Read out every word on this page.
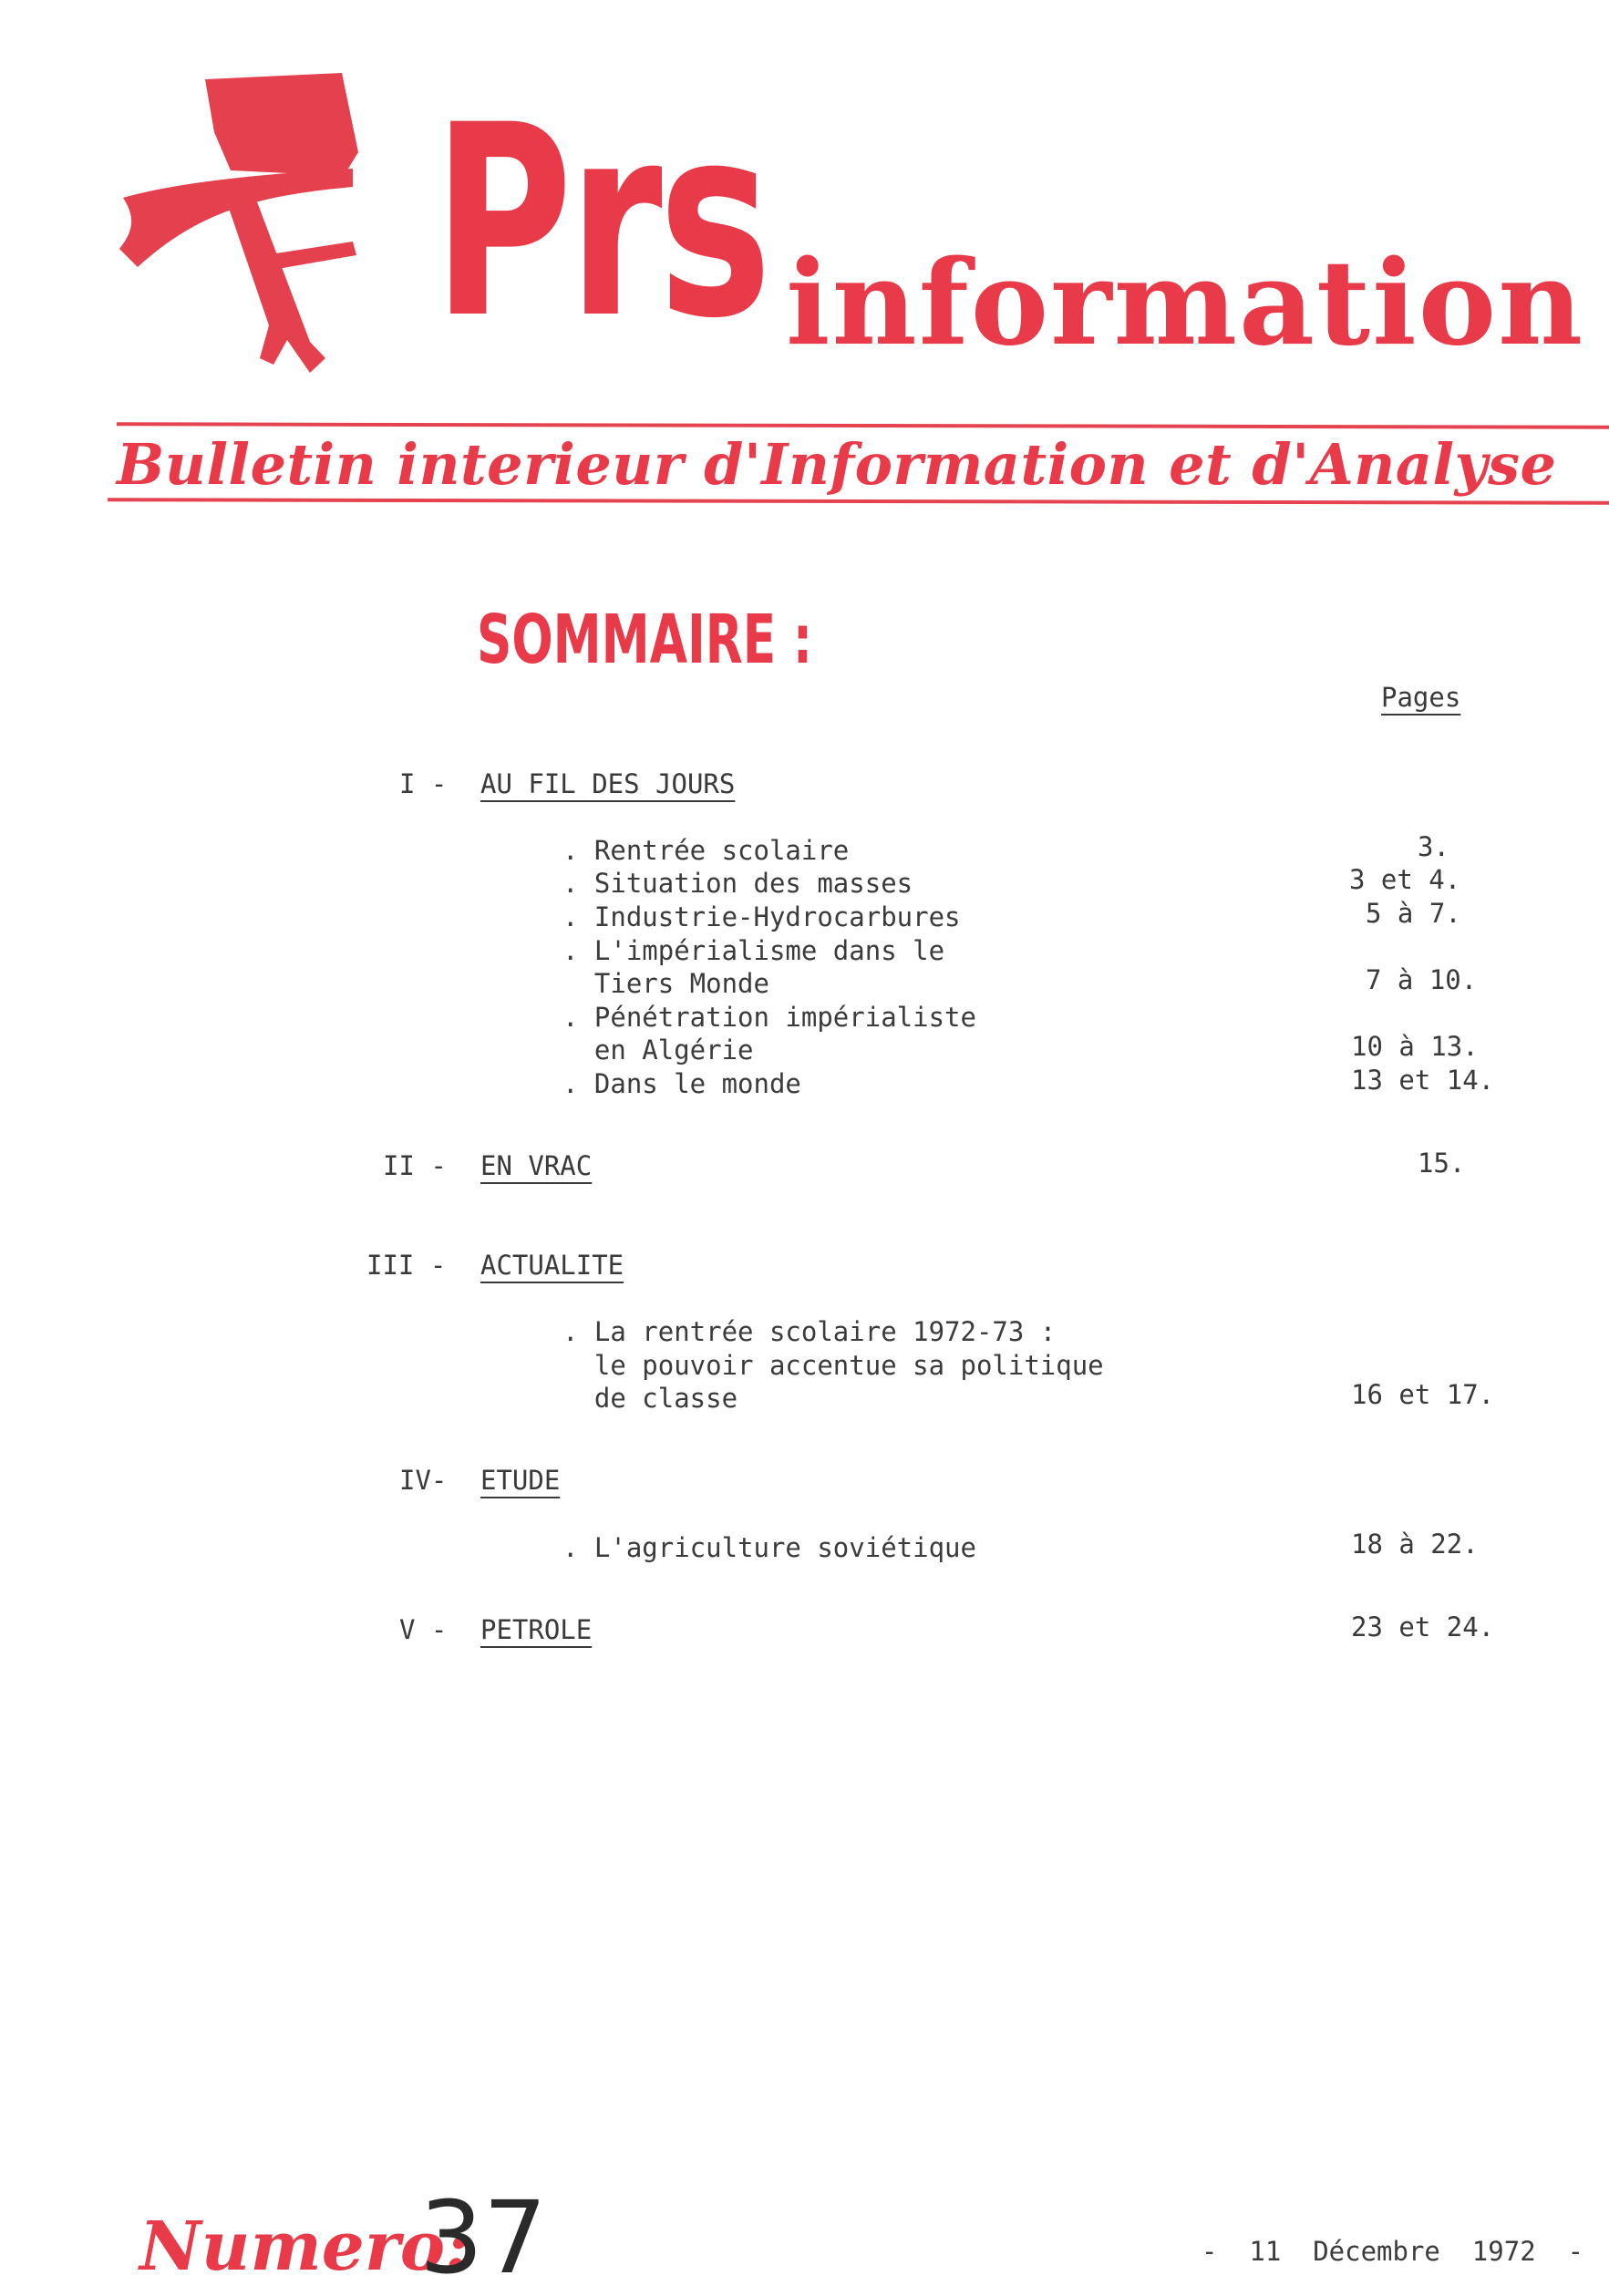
Prs information
Bulletin interieur d'Information et d'Analyse
SOMMAIRE :
Pages
I - AU FIL DES JOURS
. Rentrée scolaire	3.
. Situation des masses	3 et 4.
. Industrie-Hydrocarbures	5 à 7.
. L'impérialisme dans le
Tiers Monde	7 à 10.
. Pénétration impérialiste
en Algérie	10 à 13.
. Dans le monde	13 et 14.
II - EN VRAC	15.
III - ACTUALITE
. La rentrée scolaire 1972-73 :
le pouvoir accentue sa politique
de classe	16 et 17.
IV- ETUDE
. L'agriculture soviétique	18 à 22.
V - PETROLE	23 et 24.
Numero:
37	-  11  Décembre  1972  -
